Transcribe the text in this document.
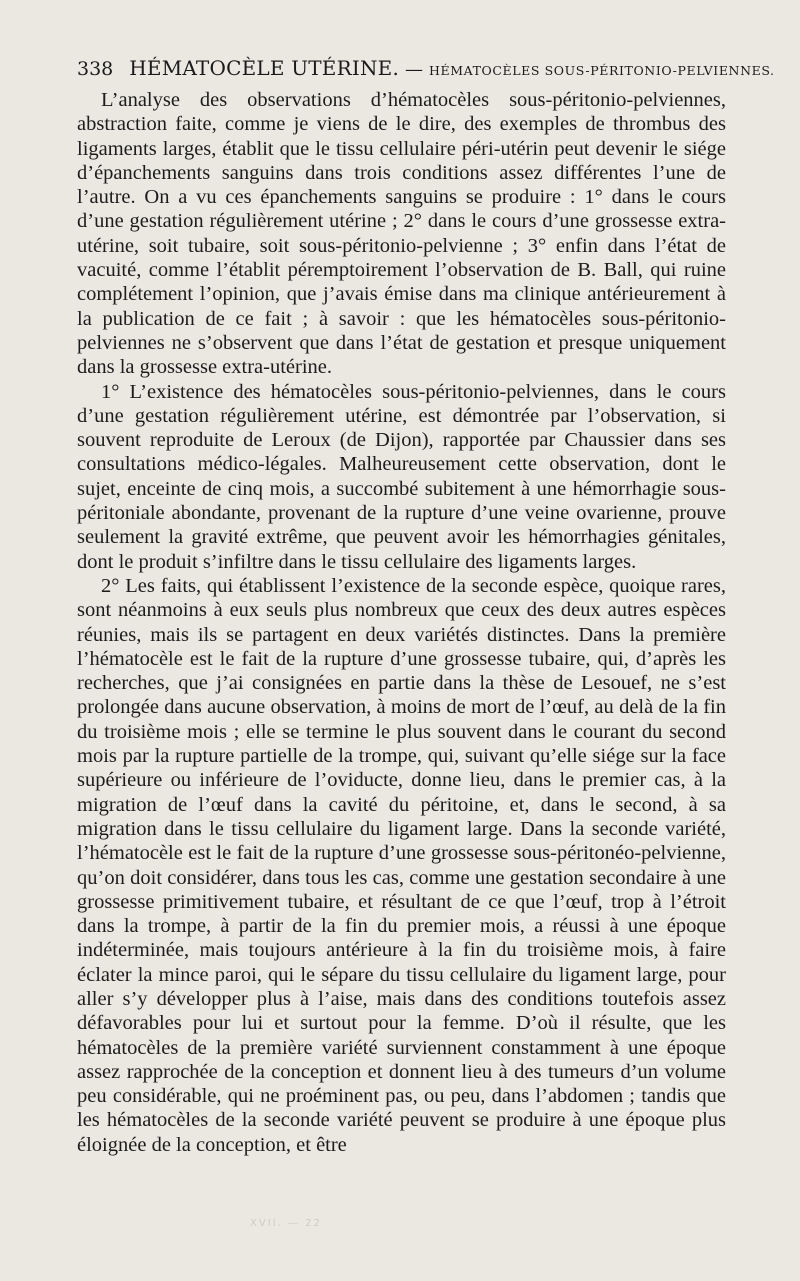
338 HÉMATOCÈLE UTÉRINE. — HÉMATOCÈLES SOUS-PÉRITONIO-PELVIENNES.

L’analyse des observations d’hématocèles sous-péritonio-pelviennes, abstraction faite, comme je viens de le dire, des exemples de thrombus des ligaments larges, établit que le tissu cellulaire péri-utérin peut devenir le siége d’épanchements sanguins dans trois conditions assez différentes l’une de l’autre. On a vu ces épanchements sanguins se produire : 1° dans le cours d’une gestation régulièrement utérine ; 2° dans le cours d’une grossesse extra-utérine, soit tubaire, soit sous-péritonio-pelvienne ; 3° enfin dans l’état de vacuité, comme l’établit péremptoirement l’observation de B. Ball, qui ruine complétement l’opinion, que j’avais émise dans ma clinique antérieurement à la publication de ce fait ; à savoir : que les hématocèles sous-péritonio-pelviennes ne s’observent que dans l’état de gestation et presque uniquement dans la grossesse extra-utérine.

1° L’existence des hématocèles sous-péritonio-pelviennes, dans le cours d’une gestation régulièrement utérine, est démontrée par l’observation, si souvent reproduite de Leroux (de Dijon), rapportée par Chaussier dans ses consultations médico-légales. Malheureusement cette observation, dont le sujet, enceinte de cinq mois, a succombé subitement à une hémorrhagie sous-péritoniale abondante, provenant de la rupture d’une veine ovarienne, prouve seulement la gravité extrême, que peuvent avoir les hémorrhagies génitales, dont le produit s’infiltre dans le tissu cellulaire des ligaments larges.

2° Les faits, qui établissent l’existence de la seconde espèce, quoique rares, sont néanmoins à eux seuls plus nombreux que ceux des deux autres espèces réunies, mais ils se partagent en deux variétés distinctes. Dans la première l’hématocèle est le fait de la rupture d’une grossesse tubaire, qui, d’après les recherches, que j’ai consignées en partie dans la thèse de Lesouef, ne s’est prolongée dans aucune observation, à moins de mort de l’œuf, au delà de la fin du troisième mois ; elle se termine le plus souvent dans le courant du second mois par la rupture partielle de la trompe, qui, suivant qu’elle siége sur la face supérieure ou inférieure de l’oviducte, donne lieu, dans le premier cas, à la migration de l’œuf dans la cavité du péritoine, et, dans le second, à sa migration dans le tissu cellulaire du ligament large. Dans la seconde variété, l’hématocèle est le fait de la rupture d’une grossesse sous-péritonéo-pelvienne, qu’on doit considérer, dans tous les cas, comme une gestation secondaire à une grossesse primitivement tubaire, et résultant de ce que l’œuf, trop à l’étroit dans la trompe, à partir de la fin du premier mois, a réussi à une époque indéterminée, mais toujours antérieure à la fin du troisième mois, à faire éclater la mince paroi, qui le sépare du tissu cellulaire du ligament large, pour aller s’y développer plus à l’aise, mais dans des conditions toutefois assez défavorables pour lui et surtout pour la femme. D’où il résulte, que les hématocèles de la première variété surviennent constamment à une époque assez rapprochée de la conception et donnent lieu à des tumeurs d’un volume peu considérable, qui ne proéminent pas, ou peu, dans l’abdomen ; tandis que les hématocèles de la seconde variété peuvent se produire à une époque plus éloignée de la conception, et être

XVII. — 22
